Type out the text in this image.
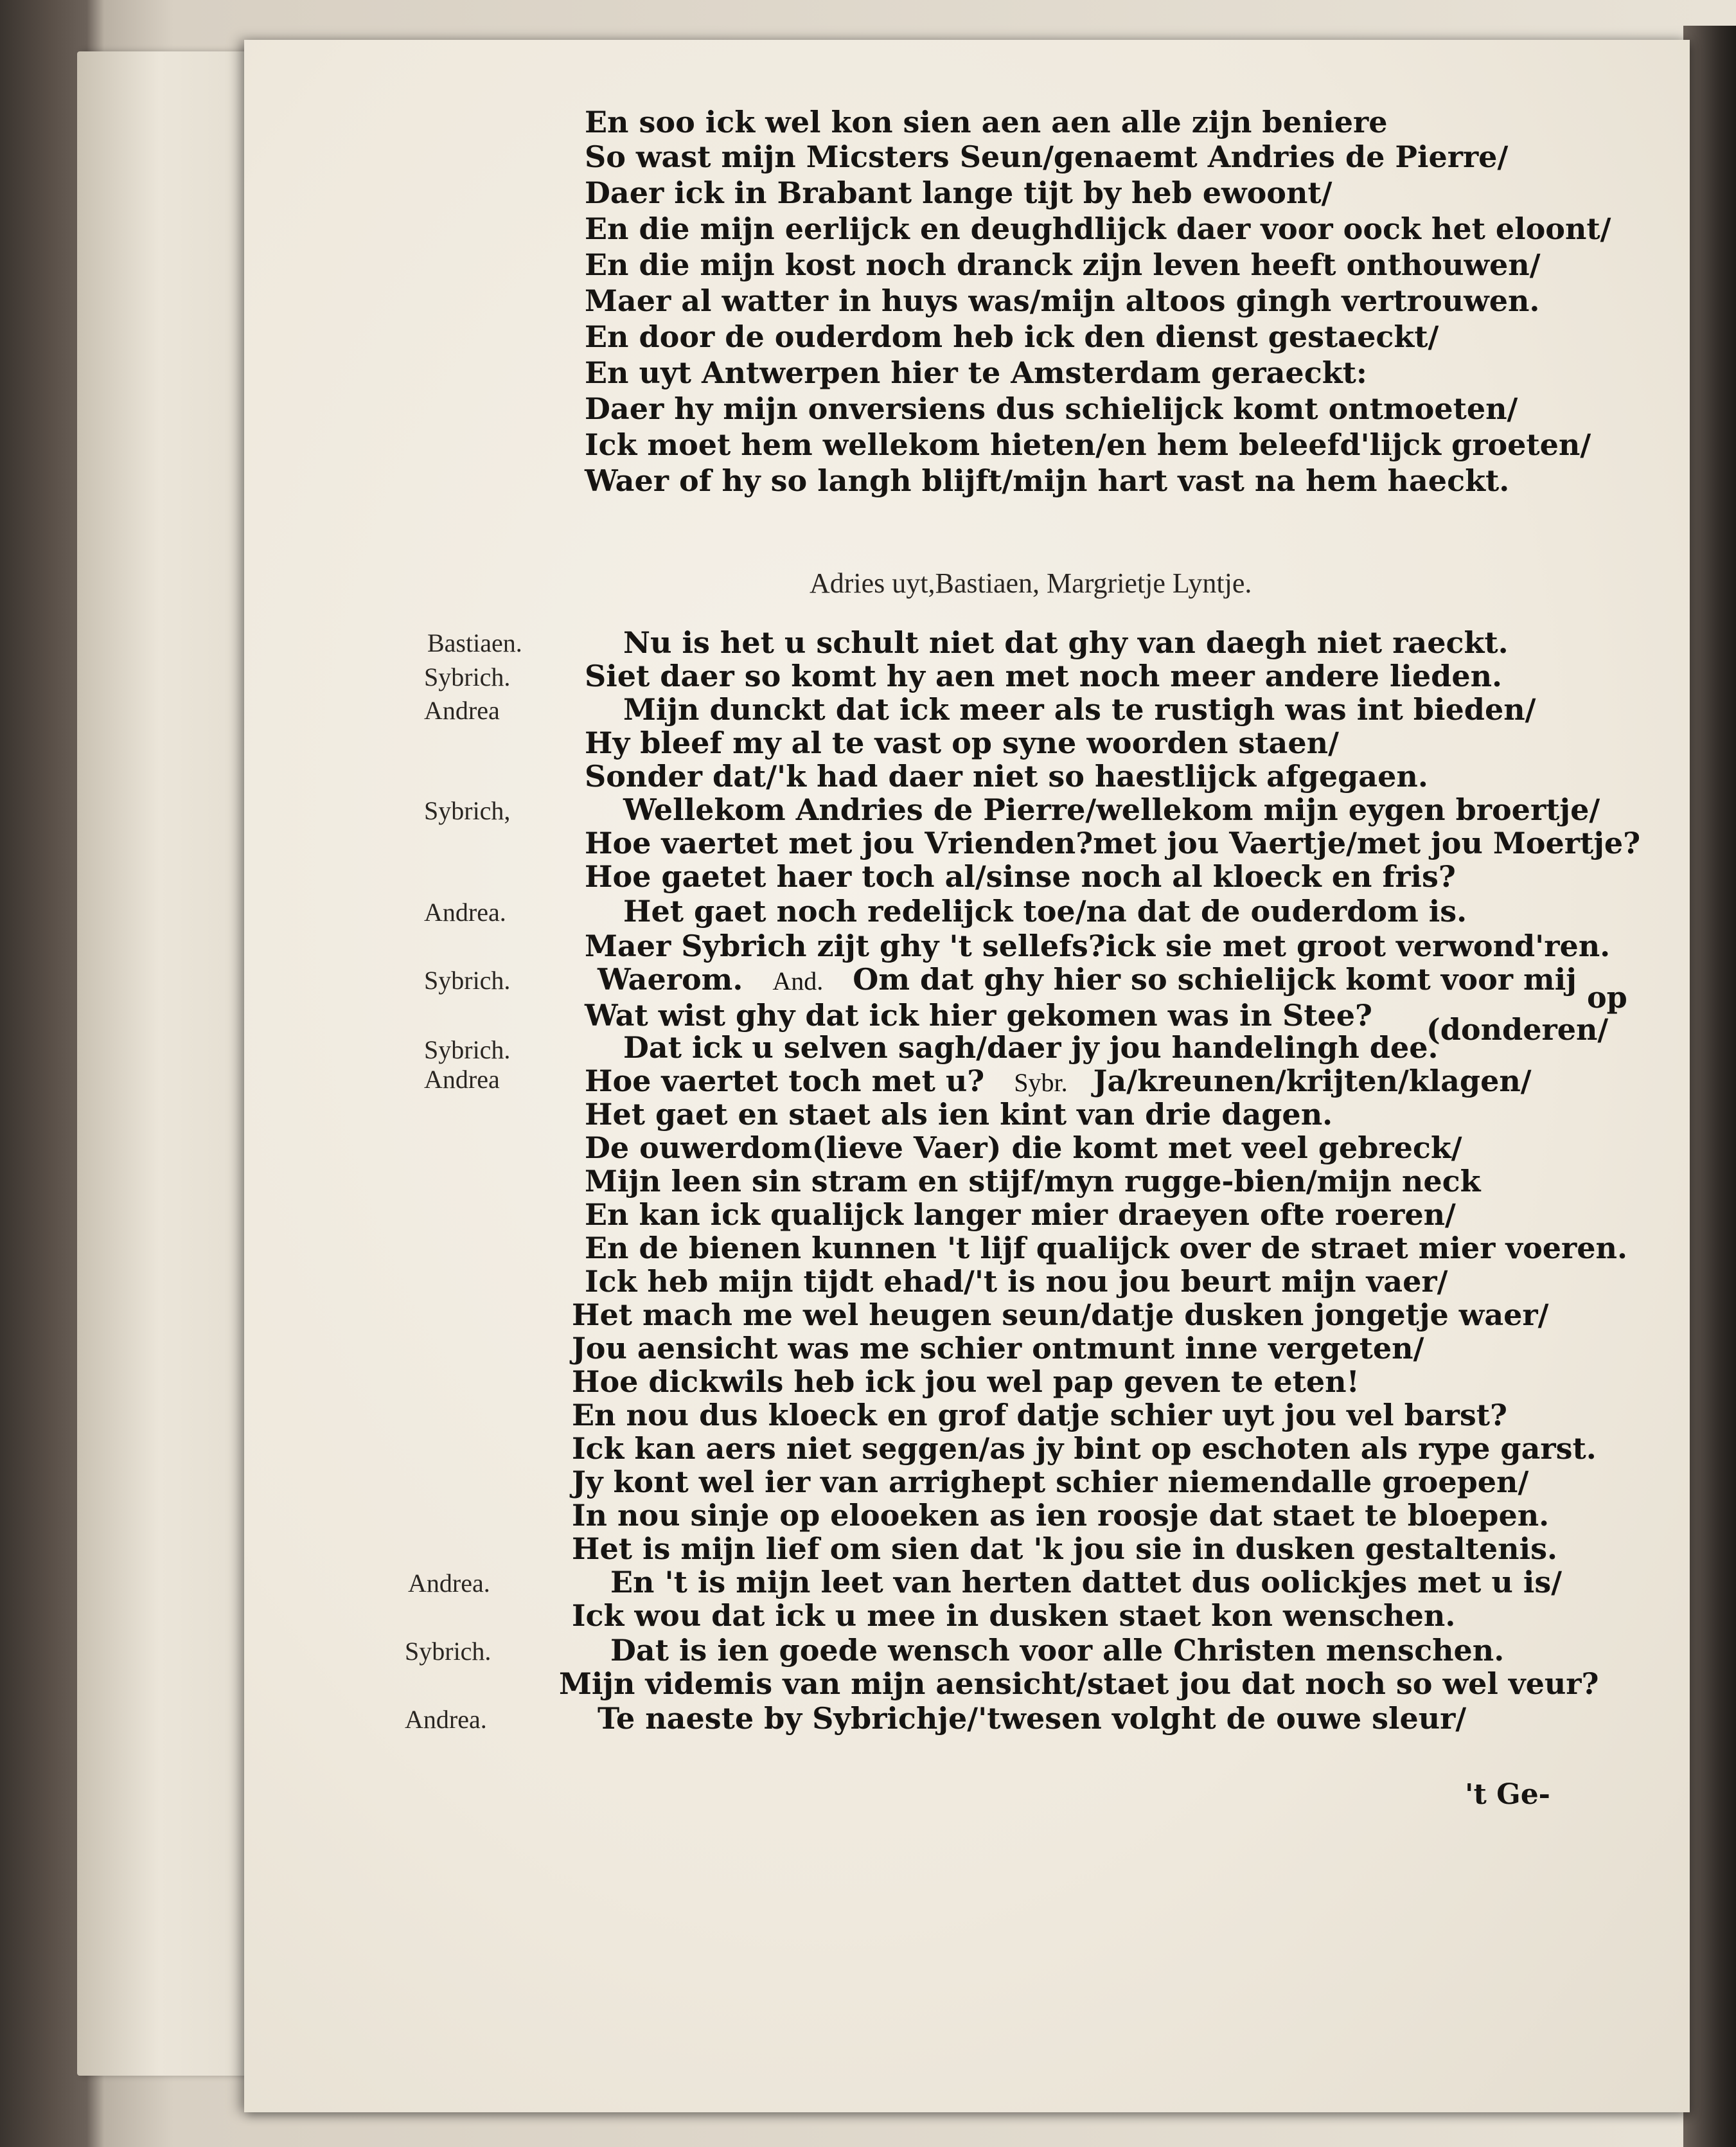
En soo ick wel kon sien aen aen alle zijn beniere
So wast mijn Micsters Seun/genaemt Andries de Pierre/
Daer ick in Brabant lange tijt by heb ewoont/
En die mijn eerlijck en deughdlijck daer voor oock het eloont/
En die mijn kost noch dranck zijn leven heeft onthouwen/
Maer al watter in huys was/mijn altoos gingh vertrouwen.
En door de ouderdom heb ick den dienst gestaeckt/
En uyt Antwerpen hier te Amsterdam geraeckt:
Daer hy mijn onversiens dus schielijck komt ontmoeten/
Ick moet hem wellekom hieten/en hem beleefd'lijck groeten/
Waer of hy so langh blijft/mijn hart vast na hem haeckt.
Adries uyt,Bastiaen, Margrietje Lyntje.
Bastiaen.	Nu is het u schult niet dat ghy van daegh niet raeckt.
Sybrich.	Siet daer so komt hy aen met noch meer andere lieden.
Andrea	Mijn dunckt dat ick meer als te rustigh was int bieden/
Hy bleef my al te vast op syne woorden staen/
Sonder dat/'k had daer niet so haestlijck afgegaen.
Sybrich,	Wellekom Andries de Pierre/wellekom mijn eygen broertje/
Hoe vaertet met jou Vrienden?met jou Vaertje/met jou Moertje?
Hoe gaetet haer toch al/sinse noch al kloeck en fris?
Andrea.	Het gaet noch redelijck toe/na dat de ouderdom is.
Maer Sybrich zijt ghy 't sellefs?ick sie met groot verwond'ren.
Sybrich.	Waerom. And. Om dat ghy hier so schielijck komt voor mij
op
Wat wist ghy dat ick hier gekomen was in Stee? (donderen/
Sybrich.	Dat ick u selven sagh/daer jy jou handelingh dee.
Andrea	Hoe vaertet toch met u? Sybr. Ja/kreunen/krijten/klagen/
Het gaet en staet als ien kint van drie dagen.
De ouwerdom(lieve Vaer) die komt met veel gebreck/
Mijn leen sin stram en stijf/myn rugge-bien/mijn neck
En kan ick qualijck langer mier draeyen ofte roeren/
En de bienen kunnen 't lijf qualijck over de straet mier voeren.
Ick heb mijn tijdt ehad/'t is nou jou beurt mijn vaer/
Het mach me wel heugen seun/datje dusken jongetje waer/
Jou aensicht was me schier ontmunt inne vergeten/
Hoe dickwils heb ick jou wel pap geven te eten!
En nou dus kloeck en grof datje schier uyt jou vel barst?
Ick kan aers niet seggen/as jy bint op eschoten als rype garst.
Jy kont wel ier van arrighept schier niemendalle groepen/
In nou sinje op elooeken as ien roosje dat staet te bloepen.
Het is mijn lief om sien dat 'k jou sie in dusken gestaltenis.
Andrea.	En 't is mijn leet van herten dattet dus oolickjes met u is/
Ick wou dat ick u mee in dusken staet kon wenschen.
Sybrich.	Dat is ien goede wensch voor alle Christen menschen.
Mijn videmis van mijn aensicht/staet jou dat noch so wel veur?
Andrea.	Te naeste by Sybrichje/'twesen volght de ouwe sleur/
't Ge-
